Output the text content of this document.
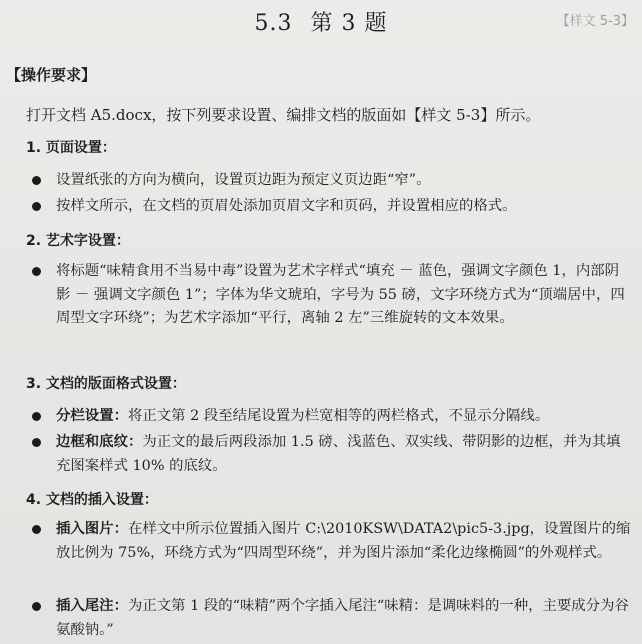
5.3 第 3 题	【样文 5-3】
【操作要求】
打开文档 A5.docx，按下列要求设置、编排文档的版面如【样文 5-3】所示。
1. 页面设置：
设置纸张的方向为横向，设置页边距为预定义页边距“窄”。
按样文所示，在文档的页眉处添加页眉文字和页码，并设置相应的格式。
2. 艺术字设置：
将标题“味精食用不当易中毒”设置为艺术字样式“填充 － 蓝色，强调文字颜色 1，内部阴影 － 强调文字颜色 1”；字体为华文琥珀，字号为 55 磅，文字环绕方式为“顶端居中，四周型文字环绕”；为艺术字添加“平行，离轴 2 左”三维旋转的文本效果。
3. 文档的版面格式设置：
分栏设置：将正文第 2 段至结尾设置为栏宽相等的两栏格式，不显示分隔线。
边框和底纹：为正文的最后两段添加 1.5 磅、浅蓝色、双实线、带阴影的边框，并为其填充图案样式 10% 的底纹。
4. 文档的插入设置：
插入图片：在样文中所示位置插入图片 C:\2010KSW\DATA2\pic5-3.jpg，设置图片的缩放比例为 75%，环绕方式为“四周型环绕”，并为图片添加“柔化边缘椭圆”的外观样式。
插入尾注：为正文第 1 段的“味精”两个字插入尾注“味精：是调味料的一种，主要成分为谷氨酸钠。”
